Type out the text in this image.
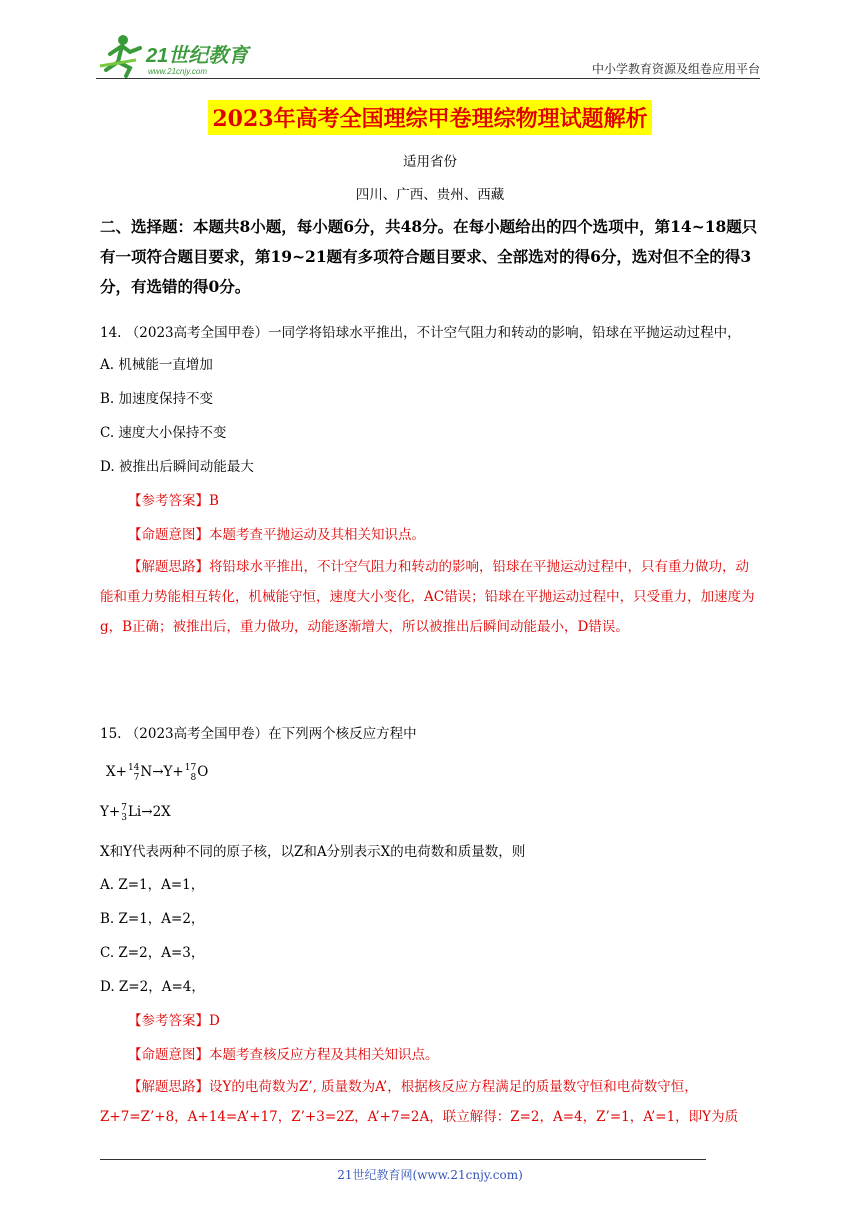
21世纪教育
www.21cnjy.com	中小学教育资源及组卷应用平台
2023年高考全国理综甲卷理综物理试题解析
适用省份
四川、广西、贵州、西藏

二、选择题：本题共8小题，每小题6分，共48分。在每小题给出的四个选项中，第14~18题只有一项符合题目要求，第19~21题有多项符合题目要求、全部选对的得6分，选对但不全的得3分，有选错的得0分。

14. （2023高考全国甲卷）一同学将铅球水平推出，不计空气阻力和转动的影响，铅球在平抛运动过程中，

A. 机械能一直增加

B. 加速度保持不变

C. 速度大小保持不变

D. 被推出后瞬间动能最大

【参考答案】B

【命题意图】本题考查平抛运动及其相关知识点。

【解题思路】将铅球水平推出，不计空气阻力和转动的影响，铅球在平抛运动过程中，只有重力做功，动能和重力势能相互转化，机械能守恒，速度大小变化，AC错误；铅球在平抛运动过程中，只受重力，加速度为g，B正确；被推出后，重力做功，动能逐渐增大，所以被推出后瞬间动能最小，D错误。

15. （2023高考全国甲卷）在下列两个核反应方程中

X+ 14
7 N→Y+ 17
8 O

Y+ 7
3 Li→2X

X和Y代表两种不同的原子核，以Z和A分别表示X的电荷数和质量数，则

A. Z=1，A=1，

B. Z=1，A=2，

C. Z=2，A=3，

D. Z=2，A=4，

【参考答案】D

【命题意图】本题考查核反应方程及其相关知识点。

【解题思路】设Y的电荷数为Z’, 质量数为A’，根据核反应方程满足的质量数守恒和电荷数守恒，Z+7=Z’+8，A+14=A’+17，Z’+3=2Z，A’+7=2A，联立解得：Z=2，A=4，Z’=1，A’=1，即Y为质

21世纪教育网(www.21cnjy.com)
